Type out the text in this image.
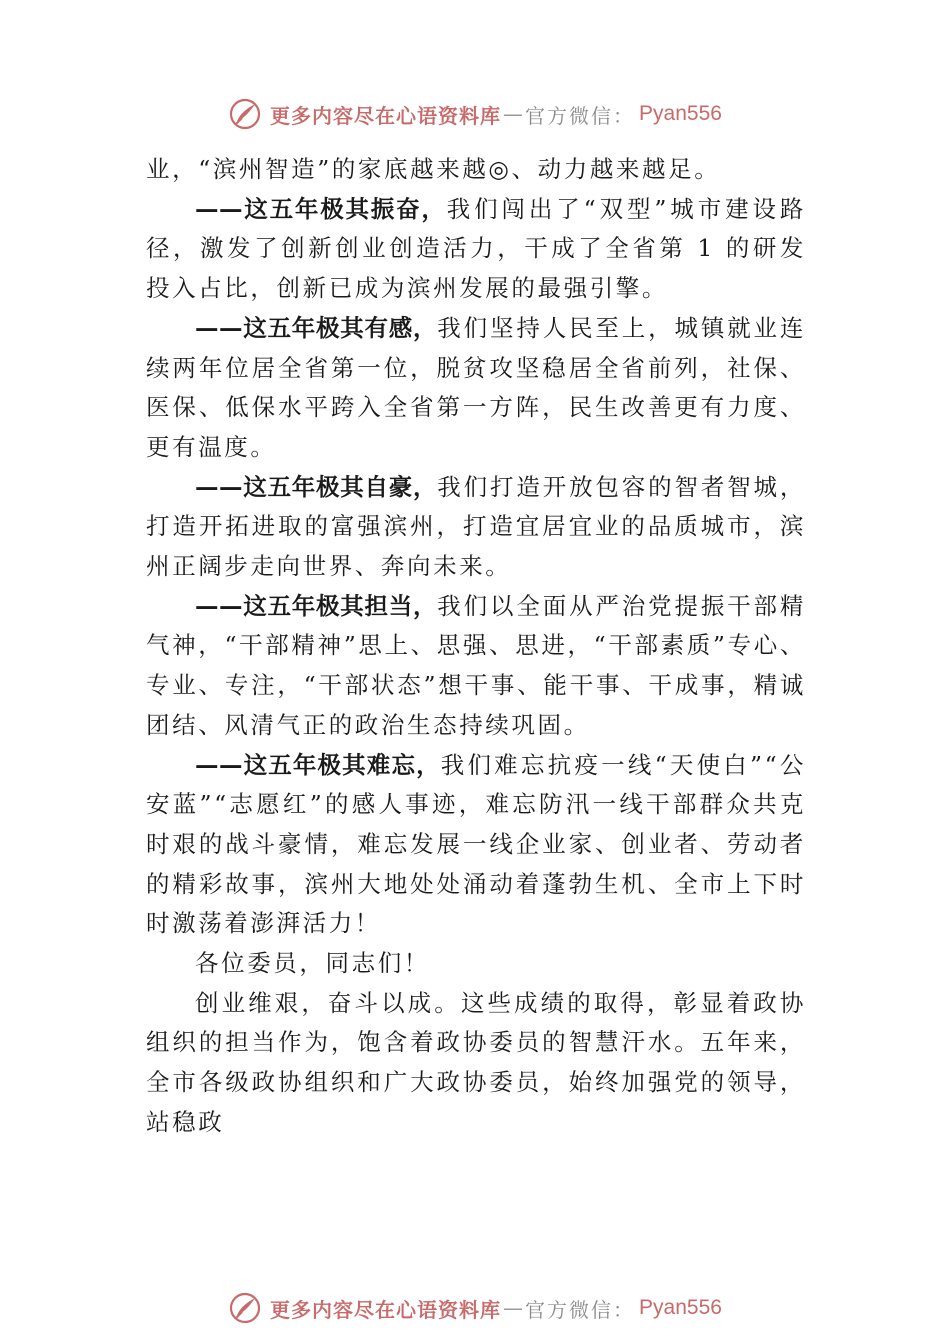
更多内容尽在心语资料库 — 官方微信： Pyan556

业，“滨州智造”的家底越来越◎、动力越来越足。

——这五年极其振奋，我们闯出了“双型”城市建设路径，激发了创新创业创造活力，干成了全省第 1 的研发投入占比，创新已成为滨州发展的最强引擎。

——这五年极其有感，我们坚持人民至上，城镇就业连续两年位居全省第一位，脱贫攻坚稳居全省前列，社保、医保、低保水平跨入全省第一方阵，民生改善更有力度、更有温度。

——这五年极其自豪，我们打造开放包容的智者智城，打造开拓进取的富强滨州，打造宜居宜业的品质城市，滨州正阔步走向世界、奔向未来。

——这五年极其担当，我们以全面从严治党提振干部精气神，“干部精神”思上、思强、思进，“干部素质”专心、专业、专注，“干部状态”想干事、能干事、干成事，精诚团结、风清气正的政治生态持续巩固。

——这五年极其难忘，我们难忘抗疫一线“天使白”“公安蓝”“志愿红”的感人事迹，难忘防汛一线干部群众共克时艰的战斗豪情，难忘发展一线企业家、创业者、劳动者的精彩故事，滨州大地处处涌动着蓬勃生机、全市上下时时激荡着澎湃活力！

各位委员，同志们！

创业维艰，奋斗以成。这些成绩的取得，彰显着政协组织的担当作为，饱含着政协委员的智慧汗水。五年来，全市各级政协组织和广大政协委员，始终加强党的领导，站稳政

更多内容尽在心语资料库 — 官方微信： Pyan556
